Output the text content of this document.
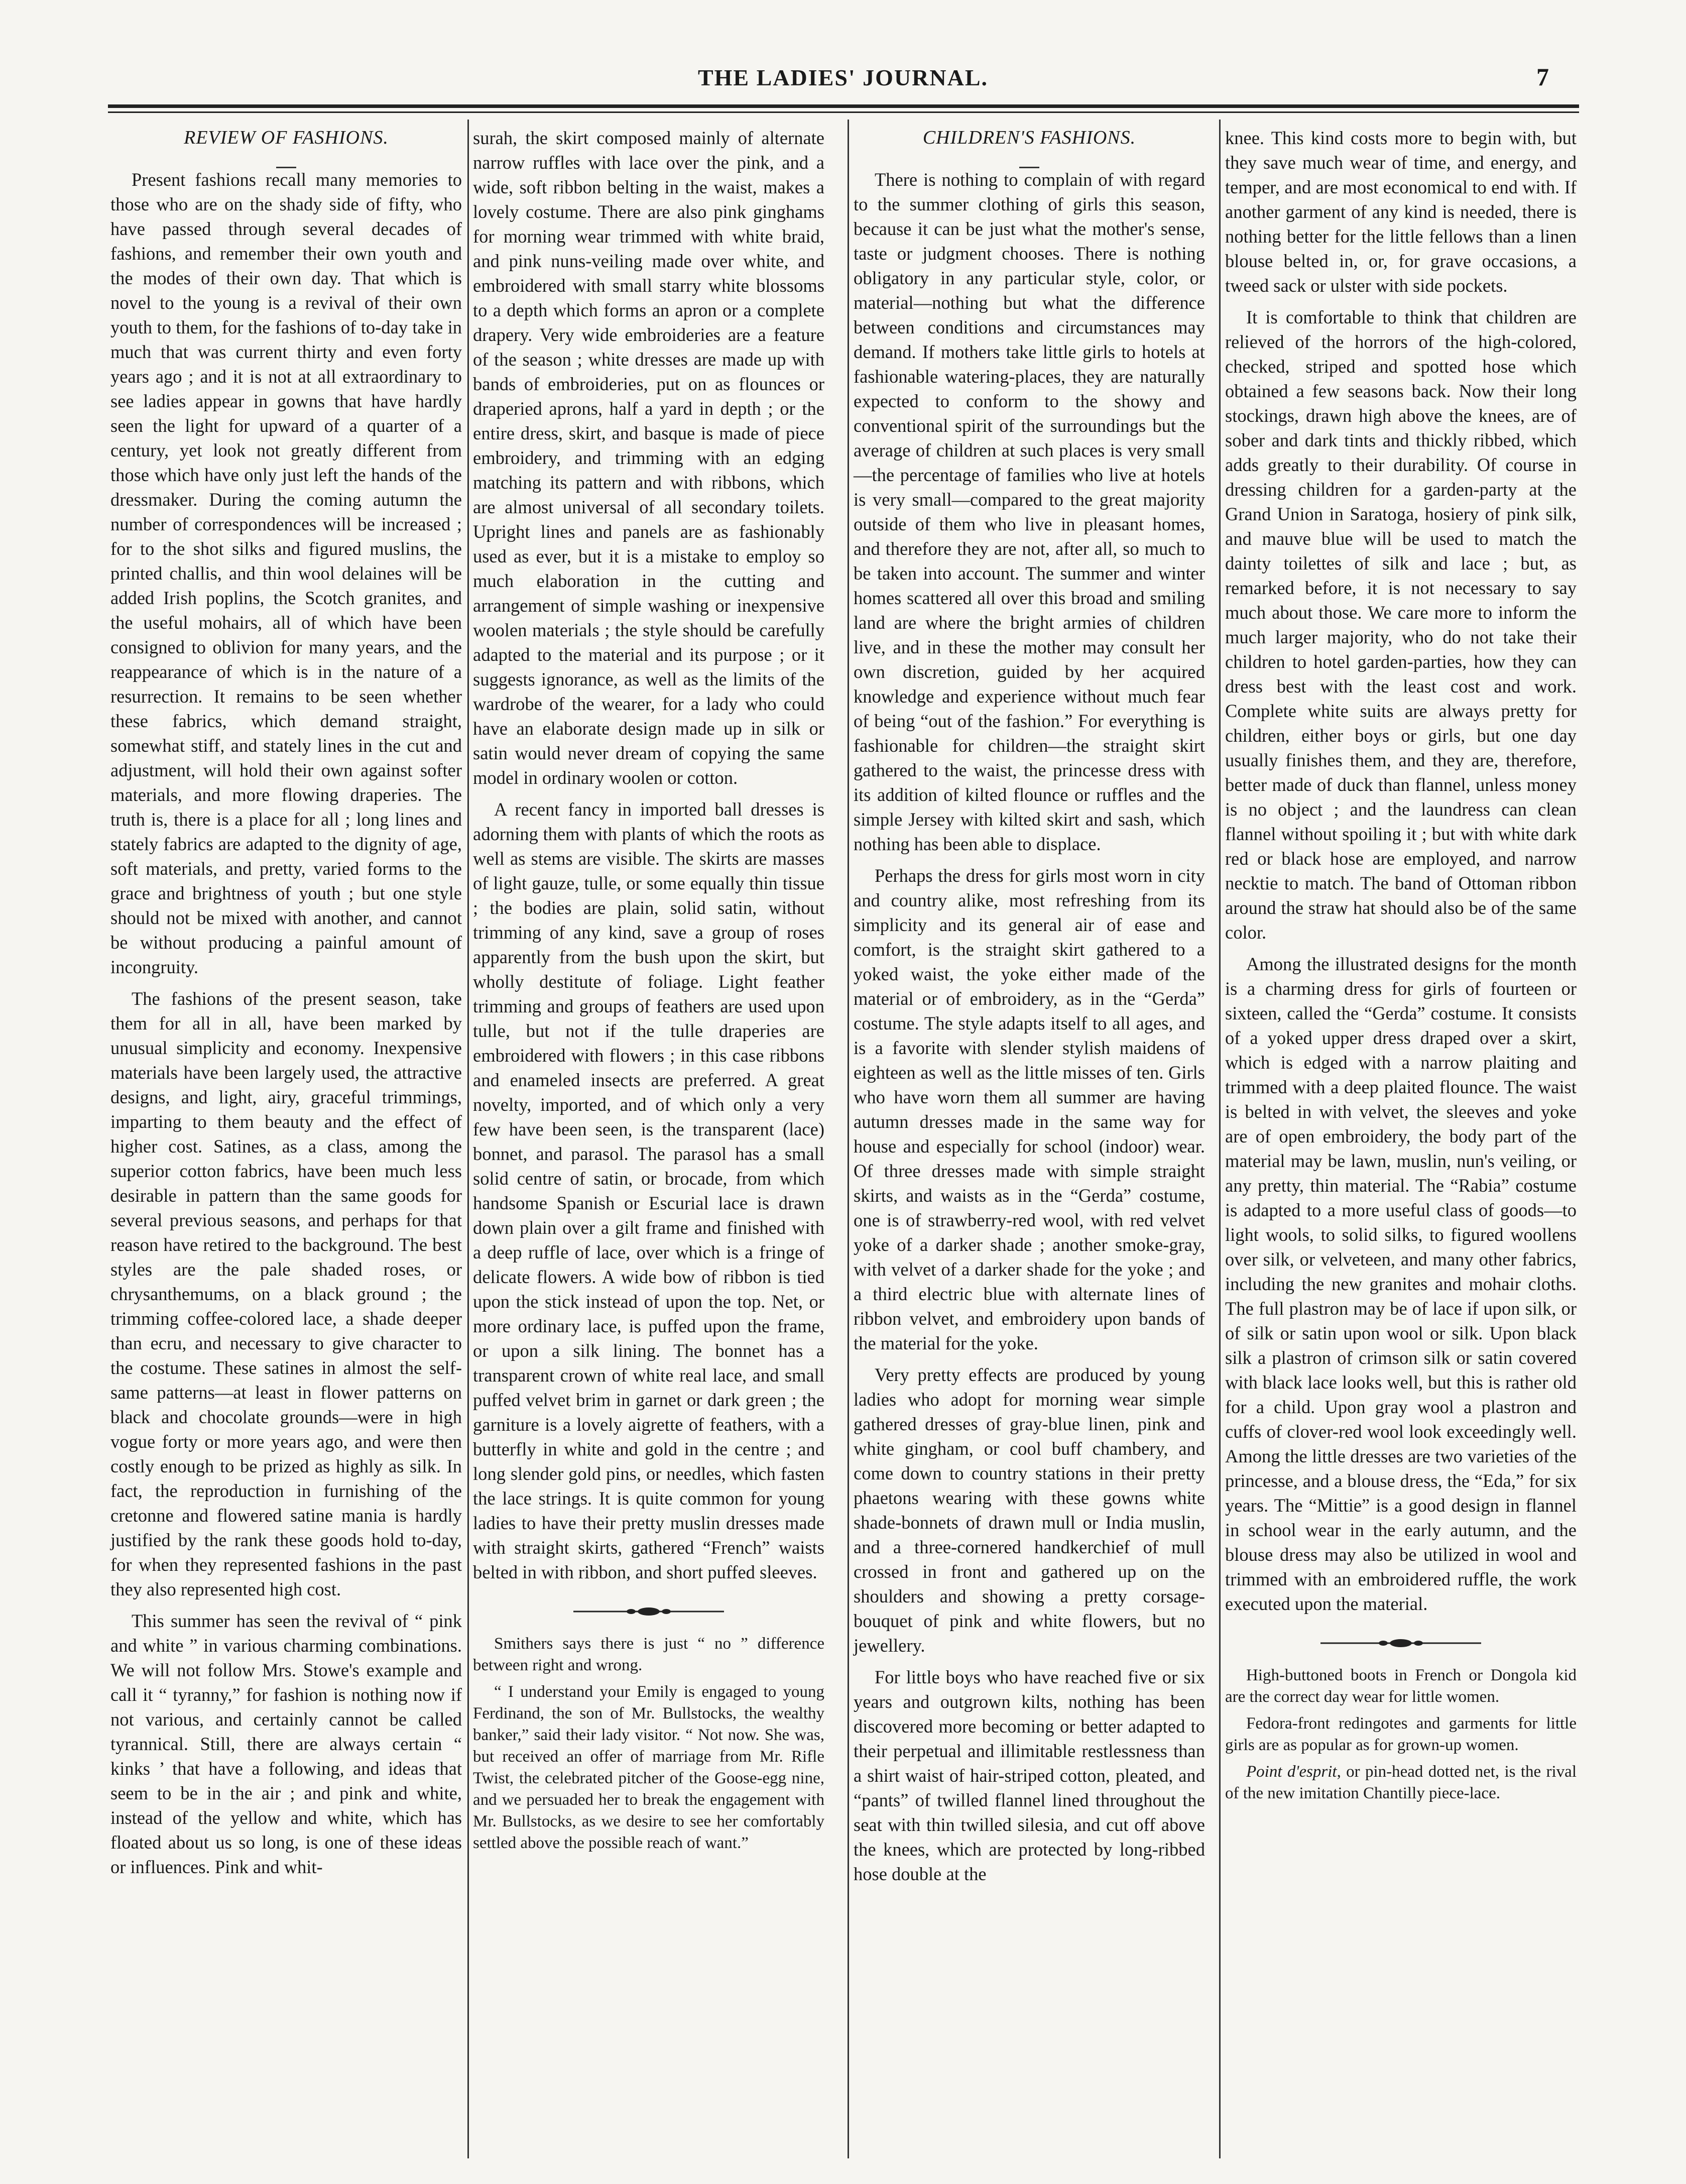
THE LADIES' JOURNAL.	7

REVIEW OF FASHIONS.

Present fashions recall many memories to those who are on the shady side of fifty, who have passed through several decades of fashions, and remember their own youth and the modes of their own day. That which is novel to the young is a revival of their own youth to them, for the fashions of to-day take in much that was current thirty and even forty years ago ; and it is not at all extraordinary to see ladies appear in gowns that have hardly seen the light for upward of a quarter of a century, yet look not greatly different from those which have only just left the hands of the dressmaker. During the coming autumn the number of correspondences will be increased ; for to the shot silks and figured muslins, the printed challis, and thin wool delaines will be added Irish poplins, the Scotch granites, and the useful mohairs, all of which have been consigned to oblivion for many years, and the reappearance of which is in the nature of a resurrection. It remains to be seen whether these fabrics, which demand straight, somewhat stiff, and stately lines in the cut and adjustment, will hold their own against softer materials, and more flowing draperies. The truth is, there is a place for all ; long lines and stately fabrics are adapted to the dignity of age, soft materials, and pretty, varied forms to the grace and brightness of youth ; but one style should not be mixed with another, and cannot be without producing a painful amount of incongruity.

The fashions of the present season, take them for all in all, have been marked by unusual simplicity and economy. Inexpensive materials have been largely used, the attractive designs, and light, airy, graceful trimmings, imparting to them beauty and the effect of higher cost. Satines, as a class, among the superior cotton fabrics, have been much less desirable in pattern than the same goods for several previous seasons, and perhaps for that reason have retired to the background. The best styles are the pale shaded roses, or chrysanthemums, on a black ground ; the trimming coffee-colored lace, a shade deeper than ecru, and necessary to give character to the costume. These satines in almost the self-same patterns—at least in flower patterns on black and chocolate grounds—were in high vogue forty or more years ago, and were then costly enough to be prized as highly as silk. In fact, the reproduction in furnishing of the cretonne and flowered satine mania is hardly justified by the rank these goods hold to-day, for when they represented fashions in the past they also represented high cost.

This summer has seen the revival of “ pink and white ” in various charming combinations. We will not follow Mrs. Stowe's example and call it “ tyranny,” for fashion is nothing now if not various, and certainly cannot be called tyrannical. Still, there are always certain “ kinks ’ that have a following, and ideas that seem to be in the air ; and pink and white, instead of the yellow and white, which has floated about us so long, is one of these ideas or influences. Pink and whit-

surah, the skirt composed mainly of alternate narrow ruffles with lace over the pink, and a wide, soft ribbon belting in the waist, makes a lovely costume. There are also pink ginghams for morning wear trimmed with white braid, and pink nuns-veiling made over white, and embroidered with small starry white blossoms to a depth which forms an apron or a complete drapery. Very wide embroideries are a feature of the season ; white dresses are made up with bands of embroideries, put on as flounces or draperied aprons, half a yard in depth ; or the entire dress, skirt, and basque is made of piece embroidery, and trimming with an edging matching its pattern and with ribbons, which are almost universal of all secondary toilets. Upright lines and panels are as fashionably used as ever, but it is a mistake to employ so much elaboration in the cutting and arrangement of simple washing or inexpensive woolen materials ; the style should be carefully adapted to the material and its purpose ; or it suggests ignorance, as well as the limits of the wardrobe of the wearer, for a lady who could have an elaborate design made up in silk or satin would never dream of copying the same model in ordinary woolen or cotton.

A recent fancy in imported ball dresses is adorning them with plants of which the roots as well as stems are visible. The skirts are masses of light gauze, tulle, or some equally thin tissue ; the bodies are plain, solid satin, without trimming of any kind, save a group of roses apparently from the bush upon the skirt, but wholly destitute of foliage. Light feather trimming and groups of feathers are used upon tulle, but not if the tulle draperies are embroidered with flowers ; in this case ribbons and enameled insects are preferred. A great novelty, imported, and of which only a very few have been seen, is the transparent (lace) bonnet, and parasol. The parasol has a small solid centre of satin, or brocade, from which handsome Spanish or Escurial lace is drawn down plain over a gilt frame and finished with a deep ruffle of lace, over which is a fringe of delicate flowers. A wide bow of ribbon is tied upon the stick instead of upon the top. Net, or more ordinary lace, is puffed upon the frame, or upon a silk lining. The bonnet has a transparent crown of white real lace, and small puffed velvet brim in garnet or dark green ; the garniture is a lovely aigrette of feathers, with a butterfly in white and gold in the centre ; and long slender gold pins, or needles, which fasten the lace strings. It is quite common for young ladies to have their pretty muslin dresses made with straight skirts, gathered “French” waists belted in with ribbon, and short puffed sleeves.

Smithers says there is just “ no ” difference between right and wrong.

“ I understand your Emily is engaged to young Ferdinand, the son of Mr. Bullstocks, the wealthy banker,” said their lady visitor. “ Not now. She was, but received an offer of marriage from Mr. Rifle Twist, the celebrated pitcher of the Goose-egg nine, and we persuaded her to break the engagement with Mr. Bullstocks, as we desire to see her comfortably settled above the possible reach of want.”

CHILDREN'S FASHIONS.

There is nothing to complain of with regard to the summer clothing of girls this season, because it can be just what the mother's sense, taste or judgment chooses. There is nothing obligatory in any particular style, color, or material—nothing but what the difference between conditions and circumstances may demand. If mothers take little girls to hotels at fashionable watering-places, they are naturally expected to conform to the showy and conventional spirit of the surroundings but the average of children at such places is very small—the percentage of families who live at hotels is very small—compared to the great majority outside of them who live in pleasant homes, and therefore they are not, after all, so much to be taken into account. The summer and winter homes scattered all over this broad and smiling land are where the bright armies of children live, and in these the mother may consult her own discretion, guided by her acquired knowledge and experience without much fear of being “out of the fashion.” For everything is fashionable for children—the straight skirt gathered to the waist, the princesse dress with its addition of kilted flounce or ruffles and the simple Jersey with kilted skirt and sash, which nothing has been able to displace.

Perhaps the dress for girls most worn in city and country alike, most refreshing from its simplicity and its general air of ease and comfort, is the straight skirt gathered to a yoked waist, the yoke either made of the material or of embroidery, as in the “Gerda” costume. The style adapts itself to all ages, and is a favorite with slender stylish maidens of eighteen as well as the little misses of ten. Girls who have worn them all summer are having autumn dresses made in the same way for house and especially for school (indoor) wear. Of three dresses made with simple straight skirts, and waists as in the “Gerda” costume, one is of strawberry-red wool, with red velvet yoke of a darker shade ; another smoke-gray, with velvet of a darker shade for the yoke ; and a third electric blue with alternate lines of ribbon velvet, and embroidery upon bands of the material for the yoke.

Very pretty effects are produced by young ladies who adopt for morning wear simple gathered dresses of gray-blue linen, pink and white gingham, or cool buff chambery, and come down to country stations in their pretty phaetons wearing with these gowns white shade-bonnets of drawn mull or India muslin, and a three-cornered handkerchief of mull crossed in front and gathered up on the shoulders and showing a pretty corsage-bouquet of pink and white flowers, but no jewellery.

For little boys who have reached five or six years and outgrown kilts, nothing has been discovered more becoming or better adapted to their perpetual and illimitable restlessness than a shirt waist of hair-striped cotton, pleated, and “pants” of twilled flannel lined throughout the seat with thin twilled silesia, and cut off above the knees, which are protected by long-ribbed hose double at the

knee. This kind costs more to begin with, but they save much wear of time, and energy, and temper, and are most economical to end with. If another garment of any kind is needed, there is nothing better for the little fellows than a linen blouse belted in, or, for grave occasions, a tweed sack or ulster with side pockets.

It is comfortable to think that children are relieved of the horrors of the high-colored, checked, striped and spotted hose which obtained a few seasons back. Now their long stockings, drawn high above the knees, are of sober and dark tints and thickly ribbed, which adds greatly to their durability. Of course in dressing children for a garden-party at the Grand Union in Saratoga, hosiery of pink silk, and mauve blue will be used to match the dainty toilettes of silk and lace ; but, as remarked before, it is not necessary to say much about those. We care more to inform the much larger majority, who do not take their children to hotel garden-parties, how they can dress best with the least cost and work. Complete white suits are always pretty for children, either boys or girls, but one day usually finishes them, and they are, therefore, better made of duck than flannel, unless money is no object ; and the laundress can clean flannel without spoiling it ; but with white dark red or black hose are employed, and narrow necktie to match. The band of Ottoman ribbon around the straw hat should also be of the same color.

Among the illustrated designs for the month is a charming dress for girls of fourteen or sixteen, called the “Gerda” costume. It consists of a yoked upper dress draped over a skirt, which is edged with a narrow plaiting and trimmed with a deep plaited flounce. The waist is belted in with velvet, the sleeves and yoke are of open embroidery, the body part of the material may be lawn, muslin, nun's veiling, or any pretty, thin material. The “Rabia” costume is adapted to a more useful class of goods—to light wools, to solid silks, to figured woollens over silk, or velveteen, and many other fabrics, including the new granites and mohair cloths. The full plastron may be of lace if upon silk, or of silk or satin upon wool or silk. Upon black silk a plastron of crimson silk or satin covered with black lace looks well, but this is rather old for a child. Upon gray wool a plastron and cuffs of clover-red wool look exceedingly well. Among the little dresses are two varieties of the princesse, and a blouse dress, the “Eda,” for six years. The “Mittie” is a good design in flannel in school wear in the early autumn, and the blouse dress may also be utilized in wool and trimmed with an embroidered ruffle, the work executed upon the material.

High-buttoned boots in French or Dongola kid are the correct day wear for little women.

Fedora-front redingotes and garments for little girls are as popular as for grown-up women.

Point d'esprit, or pin-head dotted net, is the rival of the new imitation Chantilly piece-lace.
